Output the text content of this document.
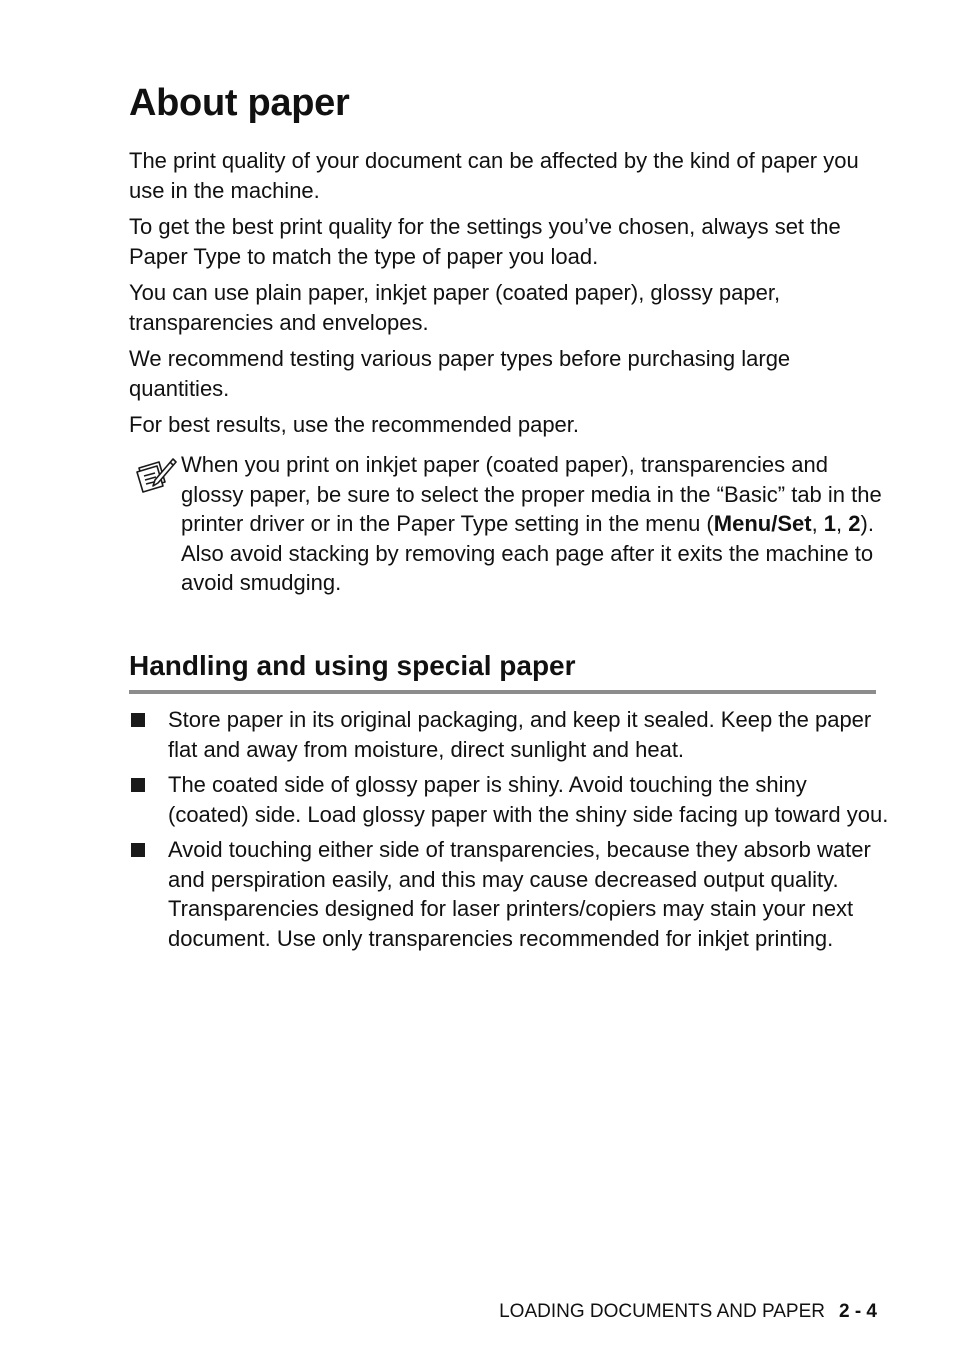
About paper

The print quality of your document can be affected by the kind of paper you use in the machine.

To get the best print quality for the settings you’ve chosen, always set the Paper Type to match the type of paper you load.

You can use plain paper, inkjet paper (coated paper), glossy paper, transparencies and envelopes.

We recommend testing various paper types before purchasing large quantities.

For best results, use the recommended paper.

When you print on inkjet paper (coated paper), transparencies and glossy paper, be sure to select the proper media in the “Basic” tab in the printer driver or in the Paper Type setting in the menu (Menu/Set, 1, 2).
Also avoid stacking by removing each page after it exits the machine to avoid smudging.
Handling and using special paper
Store paper in its original packaging, and keep it sealed. Keep the paper flat and away from moisture, direct sunlight and heat.
The coated side of glossy paper is shiny. Avoid touching the shiny (coated) side. Load glossy paper with the shiny side facing up toward you.
Avoid touching either side of transparencies, because they absorb water and perspiration easily, and this may cause decreased output quality. Transparencies designed for laser printers/copiers may stain your next document. Use only transparencies recommended for inkjet printing.
LOADING DOCUMENTS AND PAPER 2 - 4
